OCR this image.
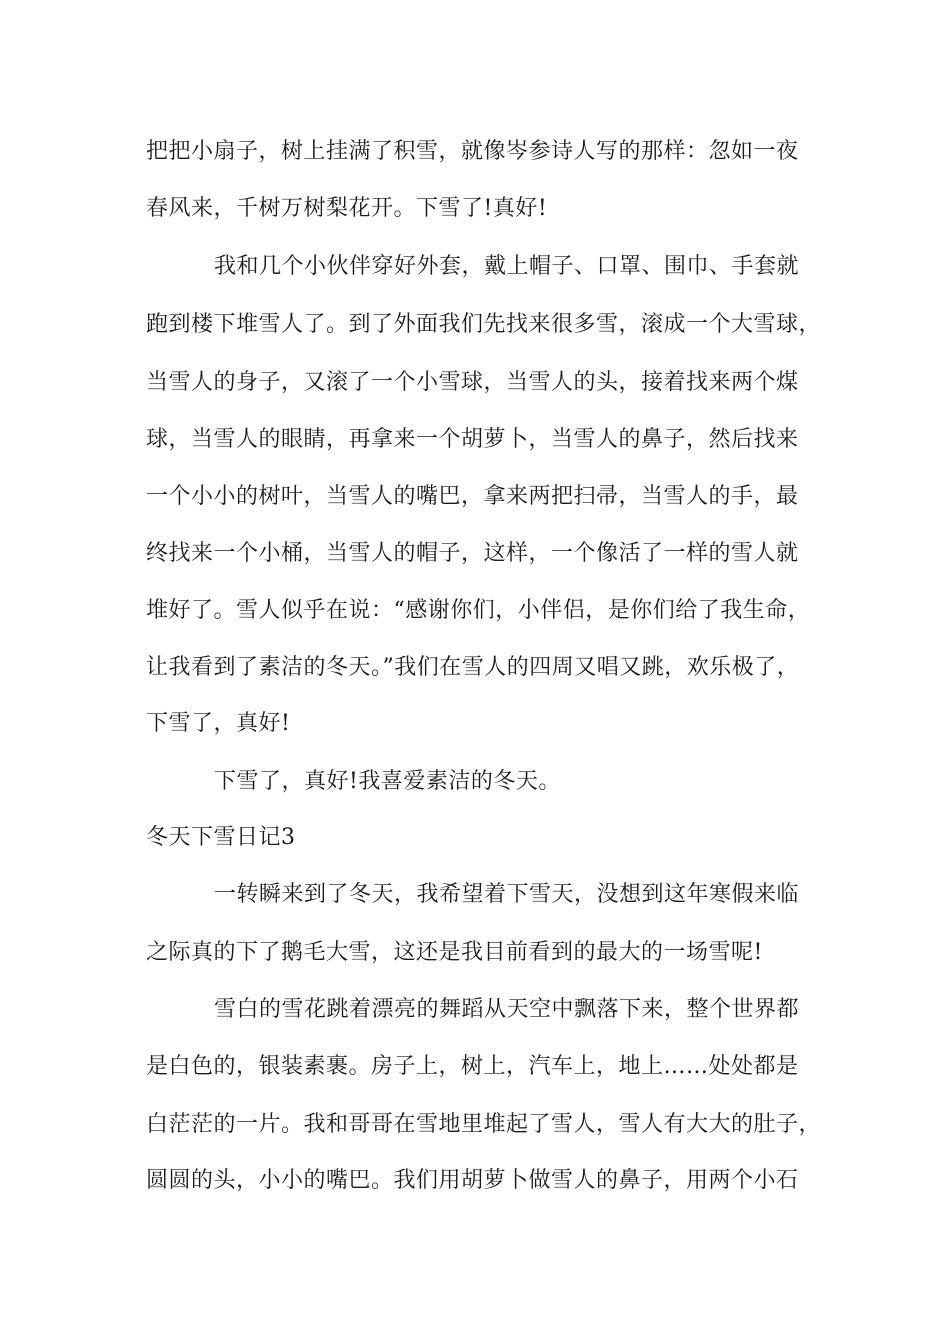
把把小扇子，树上挂满了积雪，就像岑参诗人写的那样：忽如一夜
春风来，千树万树梨花开。下雪了!真好!
我和几个小伙伴穿好外套，戴上帽子、口罩、围巾、手套就
跑到楼下堆雪人了。到了外面我们先找来很多雪，滚成一个大雪球，
当雪人的身子，又滚了一个小雪球，当雪人的头，接着找来两个煤
球，当雪人的眼睛，再拿来一个胡萝卜，当雪人的鼻子，然后找来
一个小小的树叶，当雪人的嘴巴，拿来两把扫帚，当雪人的手，最
终找来一个小桶，当雪人的帽子，这样，一个像活了一样的雪人就
堆好了。雪人似乎在说：“感谢你们，小伴侣，是你们给了我生命，
让我看到了素洁的冬天。”我们在雪人的四周又唱又跳，欢乐极了，
下雪了，真好!
下雪了，真好!我喜爱素洁的冬天。
冬天下雪日记3
一转瞬来到了冬天，我希望着下雪天，没想到这年寒假来临
之际真的下了鹅毛大雪，这还是我目前看到的最大的一场雪呢!
雪白的雪花跳着漂亮的舞蹈从天空中飘落下来，整个世界都
是白色的，银装素裹。房子上，树上，汽车上，地上……处处都是
白茫茫的一片。我和哥哥在雪地里堆起了雪人，雪人有大大的肚子，
圆圆的头，小小的嘴巴。我们用胡萝卜做雪人的鼻子，用两个小石
